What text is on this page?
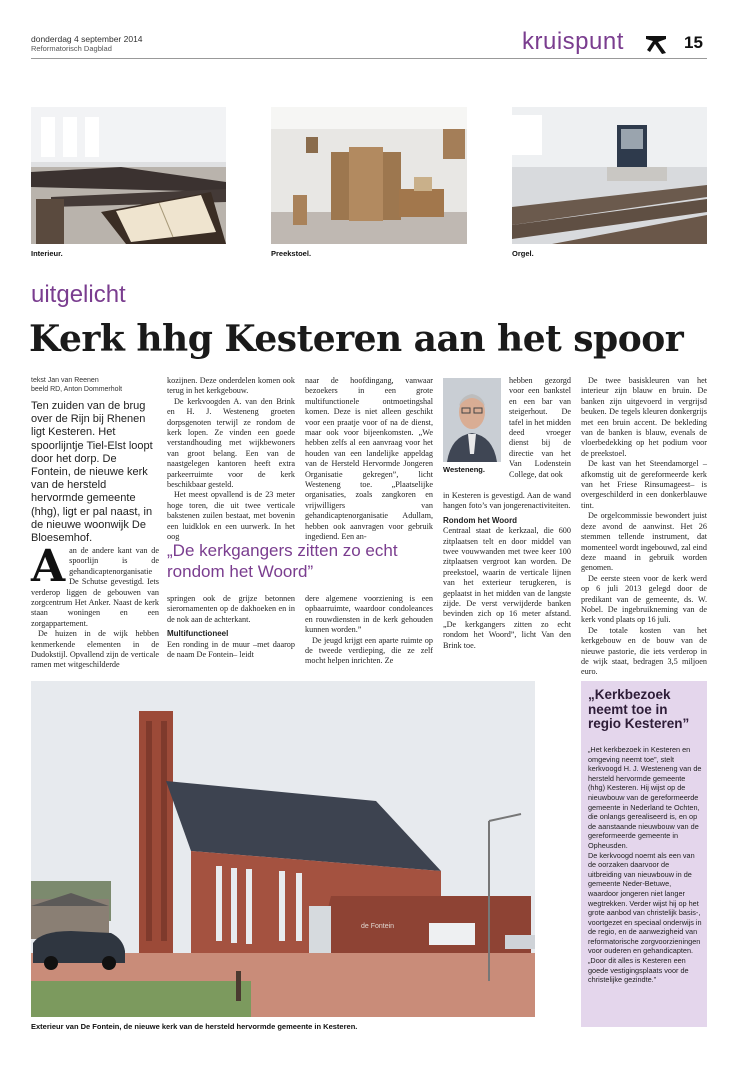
donderdag 4 september 2014
Reformatorisch Dagblad	kruispunt	15
Interieur.	Preekstoel.	Orgel.
uitgelicht
Kerk hhg Kesteren aan het spoor
tekst Jan van Reenen
beeld RD, Anton Dommerholt
Ten zuiden van de brug over de Rijn bij Rhenen ligt Kesteren. Het spoorlijntje Tiel-Elst loopt door het dorp. De Fontein, de nieuwe kerk van de hersteld hervormde gemeente (hhg), ligt er pal naast, in de nieuwe woonwijk De Bloesemhof.
A an de andere kant van de spoorlijn is de gehandicaptenorganisatie De Schutse gevestigd. Iets verderop liggen de gebouwen van zorgcentrum Het Anker. Naast de kerk staan woningen en een zorgappartement.

De huizen in de wijk hebben kenmerkende elementen in de Dudokstijl. Opvallend zijn de verticale ramen met witgeschilderde

kozijnen. Deze onderdelen komen ook terug in het kerkgebouw.

De kerkvoogden A. van den Brink en H. J. Westeneng groeten dorpsgenoten terwijl ze rondom de kerk lopen. Ze vinden een goede verstandhouding met wijkbewoners van groot belang. Een van de naastgelegen kantoren heeft extra parkeerruimte voor de kerk beschikbaar gesteld.

Het meest opvallend is de 23 meter hoge toren, die uit twee verticale bakstenen zuilen bestaat, met bovenin een luidklok en een uurwerk. In het oog

„De kerkgangers zitten zo echt rondom het Woord”

springen ook de grijze betonnen sierornamenten op de dakhoeken en in de nok aan de achterkant.

Multifunctioneel

Een ronding in de muur –met daarop de naam De Fontein– leidt

naar de hoofdingang, vanwaar bezoekers in een grote multifunctionele ontmoetingshal komen. Deze is niet alleen geschikt voor een praatje voor of na de dienst, maar ook voor bijeenkomsten. „We hebben zelfs al een aanvraag voor het houden van een landelijke appeldag van de Hersteld Hervormde Jongeren Organisatie gekregen”, licht Westeneng toe. „Plaatselijke organisaties, zoals zangkoren en vrijwilligers van gehandicaptenorganisatie Adullam, hebben ook aanvragen voor gebruik ingediend. Een an-

dere algemene voorziening is een opbaarruimte, waardoor condoleances en rouwdiensten in de kerk gehouden kunnen worden.”

De jeugd krijgt een aparte ruimte op de tweede verdieping, die ze zelf mocht helpen inrichten. Ze

Westeneng.

hebben gezorgd voor een bankstel en een bar van steigerhout. De tafel in het midden deed vroeger dienst bij de directie van het Van Lodenstein College, dat ook

in Kesteren is gevestigd. Aan de wand hangen foto’s van jongerenactiviteiten.

Rondom het Woord

Centraal staat de kerkzaal, die 600 zitplaatsen telt en door middel van twee vouwwanden met twee keer 100 zitplaatsen vergroot kan worden. De preekstoel, waarin de verticale lijnen van het exterieur terugkeren, is geplaatst in het midden van de langste zijde. De verst verwijderde banken bevinden zich op 16 meter afstand. „De kerkgangers zitten zo echt rondom het Woord”, licht Van den Brink toe.

De twee basiskleuren van het interieur zijn blauw en bruin. De banken zijn uitgevoerd in vergrijsd beuken. De tegels kleuren donkergrijs met een bruin accent. De bekleding van de banken is blauw, evenals de vloerbedekking op het podium voor de preekstoel.

De kast van het Steendamorgel –afkomstig uit de gereformeerde kerk van het Friese Rinsumageest– is overgeschilderd in een donkerblauwe tint.

De orgelcommissie bewondert juist deze avond de aanwinst. Het 26 stemmen tellende instrument, dat momenteel wordt ingebouwd, zal eind deze maand in gebruik worden genomen.

De eerste steen voor de kerk werd op 6 juli 2013 gelegd door de predikant van de gemeente, ds. W. Nobel. De ingebruikneming van de kerk vond plaats op 16 juli.

De totale kosten van het kerkgebouw en de bouw van de nieuwe pastorie, die iets verderop in de wijk staat, bedragen 3,5 miljoen euro.

de Fontein
Exterieur van De Fontein, de nieuwe kerk van de hersteld hervormde gemeente in Kesteren.
„Kerkbezoek neemt toe in regio Kesteren”

„Het kerkbezoek in Kesteren en omgeving neemt toe”, stelt kerkvoogd H. J. Westeneng van de hersteld hervormde gemeente (hhg) Kesteren. Hij wijst op de nieuwbouw van de gereformeerde gemeente in Nederland te Ochten, die onlangs gerealiseerd is, en op de aanstaande nieuwbouw van de gereformeerde gemeente in Opheusden.

De kerkvoogd noemt als een van de oorzaken daarvoor de uitbreiding van nieuwbouw in de gemeente Neder-Betuwe, waardoor jongeren niet langer wegtrekken. Verder wijst hij op het grote aanbod van christelijk basis-, voortgezet en speciaal onderwijs in de regio, en de aanwezigheid van reformatorische zorgvoorzieningen voor ouderen en gehandicapten. „Door dit alles is Kesteren een goede vestigingsplaats voor de christelijke gezindte.”
